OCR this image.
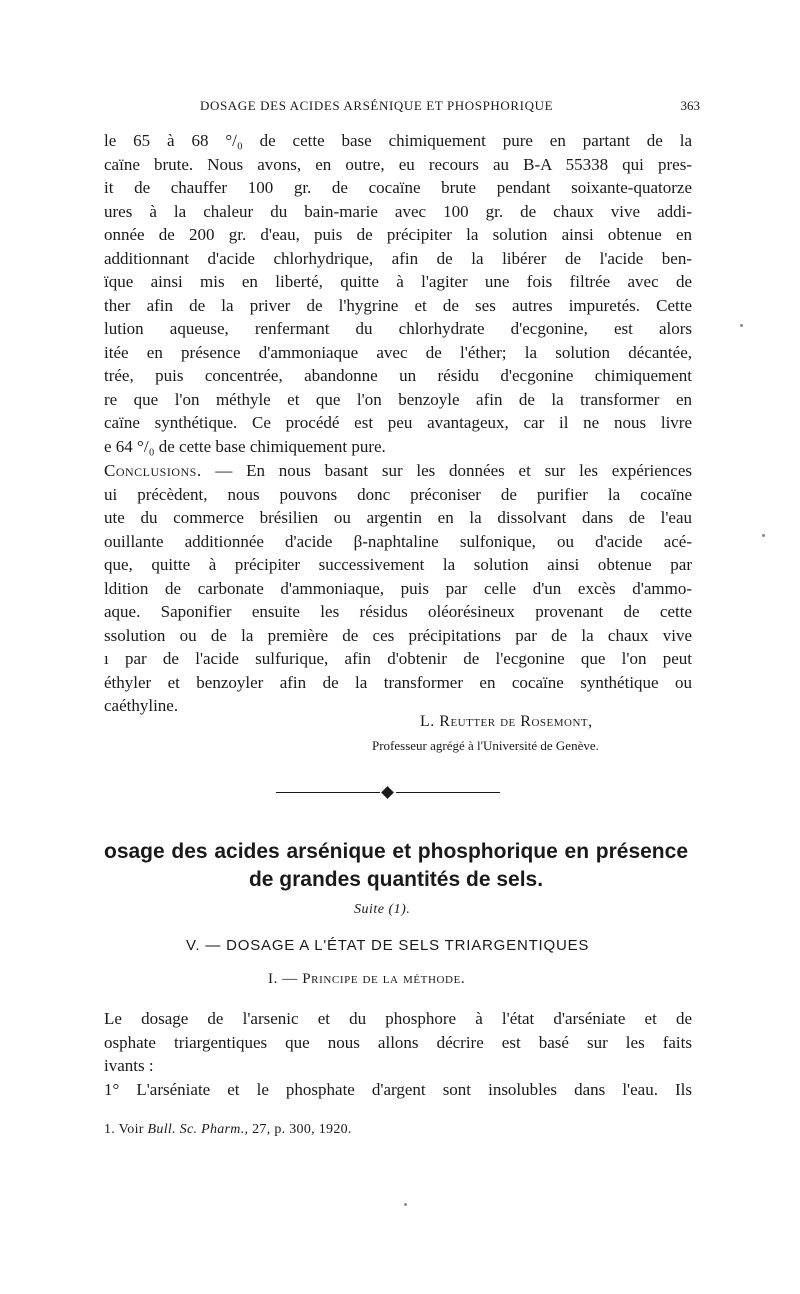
DOSAGE DES ACIDES ARSÉNIQUE ET PHOSPHORIQUE	363
le 65 à 68 °/₀ de cette base chimiquement pure en partant de la
caïne brute. Nous avons, en outre, eu recours au B-A 55338 qui pres-
it de chauffer 100 gr. de cocaïne brute pendant soixante-quatorze
ures à la chaleur du bain-marie avec 100 gr. de chaux vive addi-
onnée de 200 gr. d'eau, puis de précipiter la solution ainsi obtenue en
additionnant d'acide chlorhydrique, afin de la libérer de l'acide ben-
ïque ainsi mis en liberté, quitte à l'agiter une fois filtrée avec de
ther afin de la priver de l'hygrine et de ses autres impuretés. Cette
lution aqueuse, renfermant du chlorhydrate d'ecgonine, est alors
itée en présence d'ammoniaque avec de l'éther; la solution décantée,
trée, puis concentrée, abandonne un résidu d'ecgonine chimiquement
re que l'on méthyle et que l'on benzoyle afin de la transformer en
caïne synthétique. Ce procédé est peu avantageux, car il ne nous livre
e 64 °/₀ de cette base chimiquement pure.
Conclusions. — En nous basant sur les données et sur les expériences
ui précèdent, nous pouvons donc préconiser de purifier la cocaïne
ute du commerce brésilien ou argentin en la dissolvant dans de l'eau
ouillante additionnée d'acide β-naphtaline sulfonique, ou d'acide acé-
que, quitte à précipiter successivement la solution ainsi obtenue par
ldition de carbonate d'ammoniaque, puis par celle d'un excès d'ammo-
aque. Saponifier ensuite les résidus oléorésineux provenant de cette
ssolution ou de la première de ces précipitations par de la chaux vive
ı par de l'acide sulfurique, afin d'obtenir de l'ecgonine que l'on peut
éthyler et benzoyler afin de la transformer en cocaïne synthétique ou
caéthyline.
L. Reutter de Rosemont,
Professeur agrégé à l'Université de Genève.
osage des acides arsénique et phosphorique en présence
de grandes quantités de sels.
Suite (1).
V. — DOSAGE A L'ÉTAT DE SELS TRIARGENTIQUES
I. — Principe de la méthode.
Le dosage de l'arsenic et du phosphore à l'état d'arséniate et de
osphate triargentiques que nous allons décrire est basé sur les faits
ivants :
1° L'arséniate et le phosphate d'argent sont insolubles dans l'eau. Ils
1. Voir Bull. Sc. Pharm., 27, p. 300, 1920.
